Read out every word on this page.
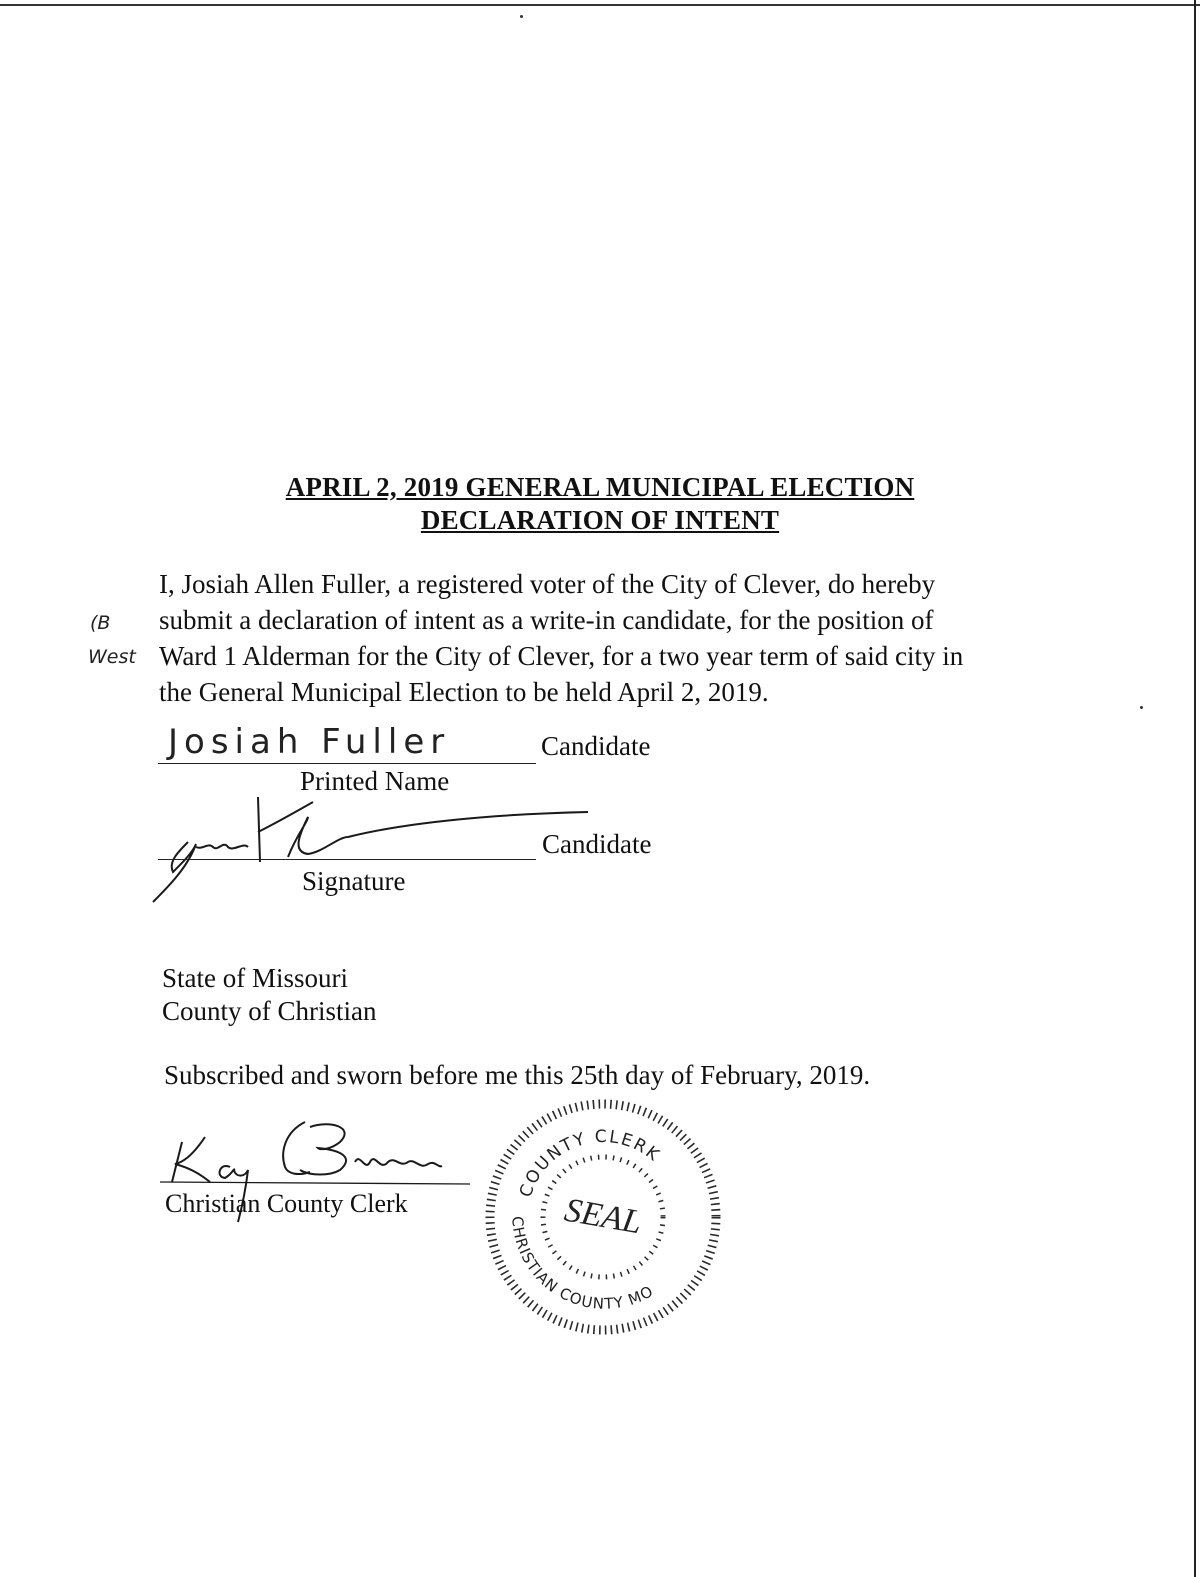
APRIL 2, 2019 GENERAL MUNICIPAL ELECTION
DECLARATION OF INTENT
(B
West
I, Josiah Allen Fuller, a registered voter of the City of Clever, do hereby
submit a declaration of intent as a write-in candidate, for the position of
Ward 1 Alderman for the City of Clever, for a two year term of said city in
the General Municipal Election to be held April 2, 2019.
Josiah Fuller	Candidate
Printed Name
Candidate
Signature
State of Missouri
County of Christian
Subscribed and sworn before me this 25th day of February, 2019.
Christian County Clerk	COUNTY CLERK
CHRISTIAN COUNTY MO
SEAL
